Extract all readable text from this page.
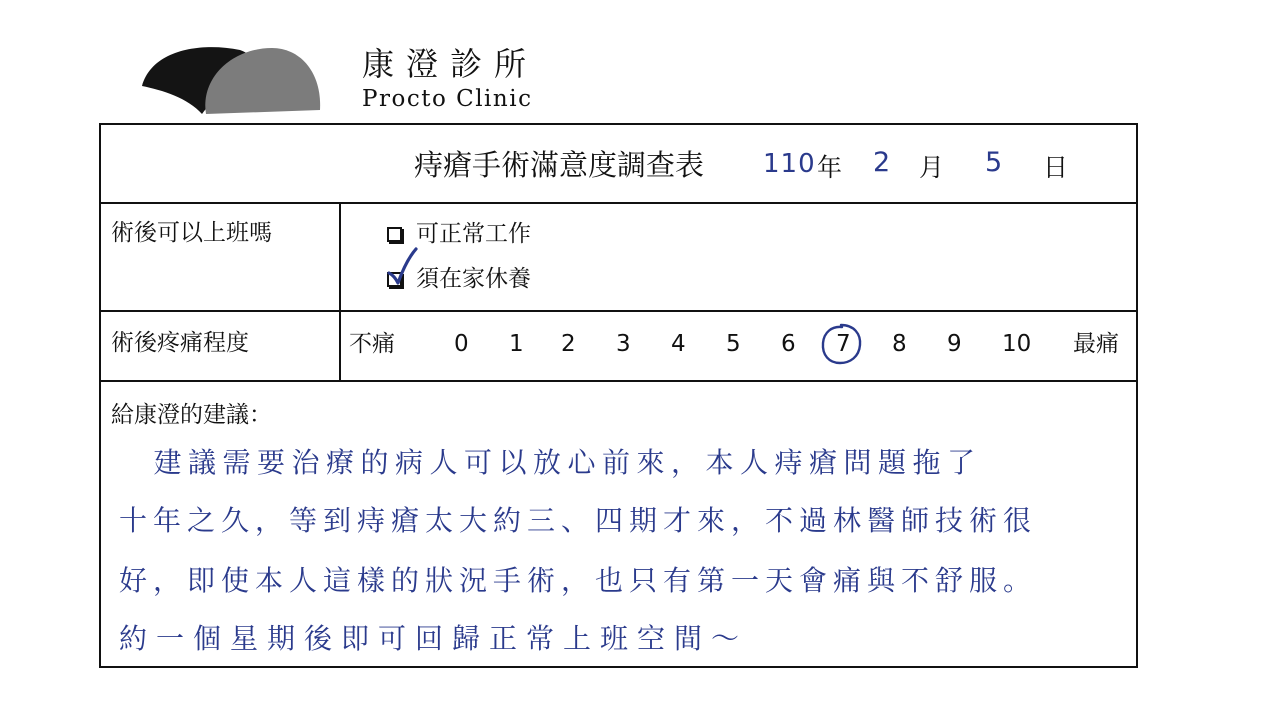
康澄診所
Procto Clinic
痔瘡手術滿意度調查表 110 年 2 月 5 日
術後可以上班嗎	可正常工作
須在家休養
術後疼痛程度	不痛	0 1 2 3 4 5 6 7 8 9 10 最痛
給康澄的建議：
　建議需要治療的病人可以放心前來，本人痔瘡問題拖了
十年之久，等到痔瘡太大約三、四期才來，不過林醫師技術很
好，即使本人這樣的狀況手術，也只有第一天會痛與不舒服。
約一個星期後即可回歸正常上班空間～
